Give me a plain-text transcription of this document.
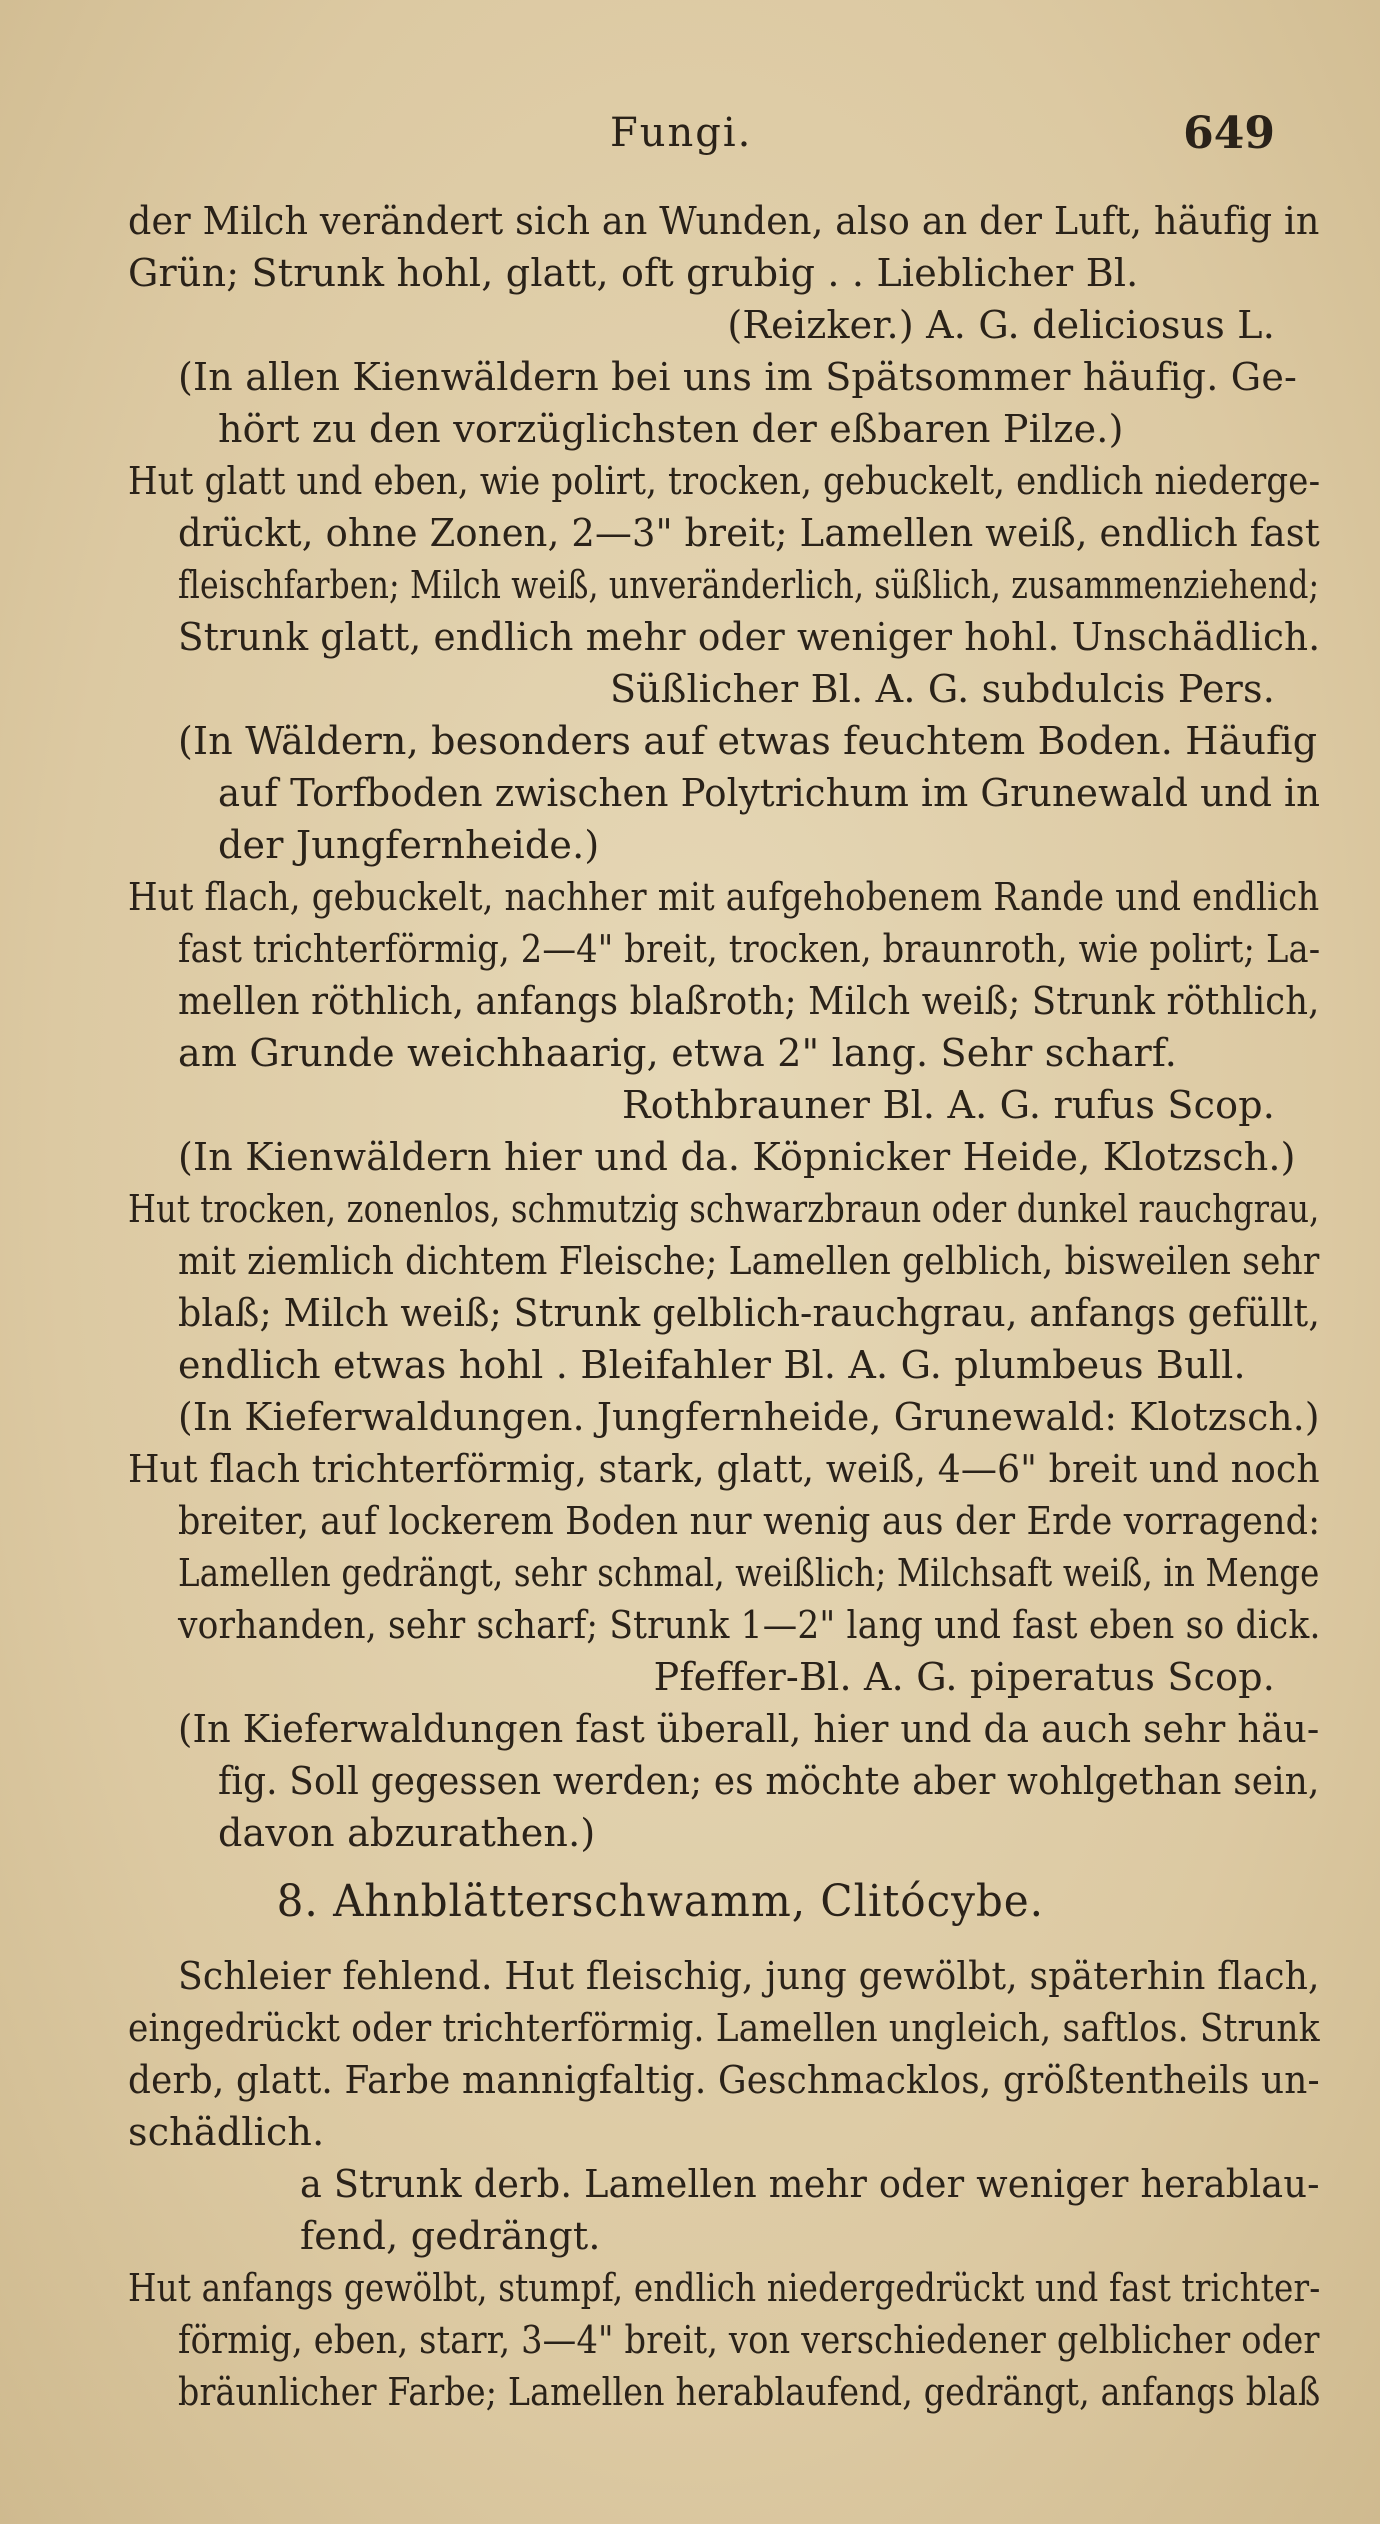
Fungi.	649
der Milch verändert sich an Wunden, also an der Luft, häufig in
Grün; Strunk hohl, glatt, oft grubig . . Lieblicher Bl.
(Reizker.) A. G. deliciosus L.
(In allen Kienwäldern bei uns im Spätsommer häufig. Ge-
hört zu den vorzüglichsten der eßbaren Pilze.)
Hut glatt und eben, wie polirt, trocken, gebuckelt, endlich niederge-
drückt, ohne Zonen, 2—3" breit; Lamellen weiß, endlich fast
fleischfarben; Milch weiß, unveränderlich, süßlich, zusammenziehend;
Strunk glatt, endlich mehr oder weniger hohl. Unschädlich.
Süßlicher Bl. A. G. subdulcis Pers.
(In Wäldern, besonders auf etwas feuchtem Boden. Häufig
auf Torfboden zwischen Polytrichum im Grunewald und in
der Jungfernheide.)
Hut flach, gebuckelt, nachher mit aufgehobenem Rande und endlich
fast trichterförmig, 2—4" breit, trocken, braunroth, wie polirt; La-
mellen röthlich, anfangs blaßroth; Milch weiß; Strunk röthlich,
am Grunde weichhaarig, etwa 2" lang. Sehr scharf.
Rothbrauner Bl. A. G. rufus Scop.
(In Kienwäldern hier und da. Köpnicker Heide, Klotzsch.)
Hut trocken, zonenlos, schmutzig schwarzbraun oder dunkel rauchgrau,
mit ziemlich dichtem Fleische; Lamellen gelblich, bisweilen sehr
blaß; Milch weiß; Strunk gelblich-rauchgrau, anfangs gefüllt,
endlich etwas hohl . Bleifahler Bl. A. G. plumbeus Bull.
(In Kieferwaldungen. Jungfernheide, Grunewald: Klotzsch.)
Hut flach trichterförmig, stark, glatt, weiß, 4—6" breit und noch
breiter, auf lockerem Boden nur wenig aus der Erde vorragend:
Lamellen gedrängt, sehr schmal, weißlich; Milchsaft weiß, in Menge
vorhanden, sehr scharf; Strunk 1—2" lang und fast eben so dick.
Pfeffer-Bl. A. G. piperatus Scop.
(In Kieferwaldungen fast überall, hier und da auch sehr häu-
fig. Soll gegessen werden; es möchte aber wohlgethan sein,
davon abzurathen.)
8. Ahnblätterschwamm, Clitócybe.
Schleier fehlend. Hut fleischig, jung gewölbt, späterhin flach,
eingedrückt oder trichterförmig. Lamellen ungleich, saftlos. Strunk
derb, glatt. Farbe mannigfaltig. Geschmacklos, größtentheils un-
schädlich.
a Strunk derb. Lamellen mehr oder weniger herablau-
fend, gedrängt.
Hut anfangs gewölbt, stumpf, endlich niedergedrückt und fast trichter-
förmig, eben, starr, 3—4" breit, von verschiedener gelblicher oder
bräunlicher Farbe; Lamellen herablaufend, gedrängt, anfangs blaß
